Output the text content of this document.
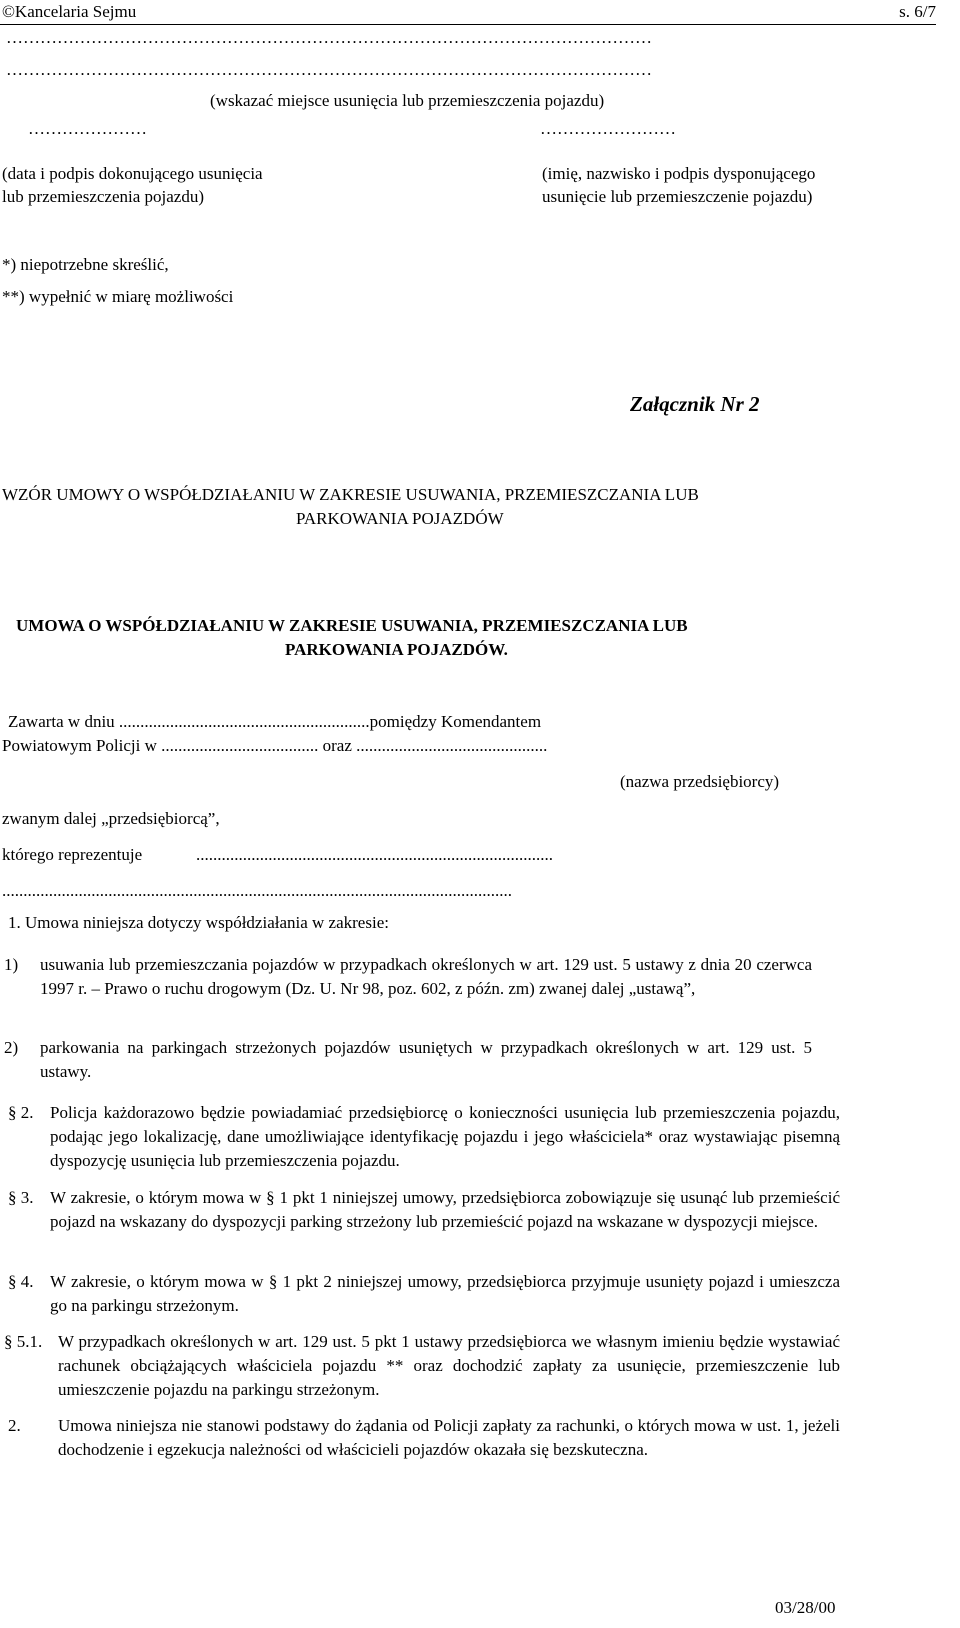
©Kancelaria Sejmu	s. 6/7
……………………………………………………………………………………………………
……………………………………………………………………………………………………
(wskazać miejsce usunięcia lub przemieszczenia pojazdu)
…………………	……………………
(data i podpis dokonującego usunięcia
lub przemieszczenia pojazdu)
(imię, nazwisko i podpis dysponującego
usunięcie lub przemieszczenie pojazdu)
*) niepotrzebne skreślić,
**) wypełnić w miarę możliwości
Załącznik Nr 2
WZÓR UMOWY O WSPÓŁDZIAŁANIU W ZAKRESIE USUWANIA, PRZEMIESZCZANIA LUB
PARKOWANIA POJAZDÓW
UMOWA O WSPÓŁDZIAŁANIU W ZAKRESIE USUWANIA, PRZEMIESZCZANIA LUB
PARKOWANIA POJAZDÓW.
Zawarta w dniu ...........................................................pomiędzy Komendantem
Powiatowym Policji w ..................................... oraz .............................................
(nazwa przedsiębiorcy)
zwanym dalej „przedsiębiorcą”,
którego reprezentuje	....................................................................................
........................................................................................................................
1. Umowa niniejsza dotyczy współdziałania w zakresie:
1) usuwania lub przemieszczania pojazdów w przypadkach określonych w art. 129 ust. 5 ustawy z dnia 20 czerwca 1997 r. – Prawo o ruchu drogowym (Dz. U. Nr 98, poz. 602, z późn. zm) zwanej dalej „ustawą”,
2) parkowania na parkingach strzeżonych pojazdów usuniętych w przypadkach określonych w art. 129 ust. 5 ustawy.
§ 2. Policja każdorazowo będzie powiadamiać przedsiębiorcę o konieczności usunięcia lub przemieszczenia pojazdu, podając jego lokalizację, dane umożliwiające identyfikację pojazdu i jego właściciela* oraz wystawiając pisemną dyspozycję usunięcia lub przemieszczenia pojazdu.
§ 3. W zakresie, o którym mowa w § 1 pkt 1 niniejszej umowy, przedsiębiorca zobowiązuje się usunąć lub przemieścić pojazd na wskazany do dyspozycji parking strzeżony lub przemieścić pojazd na wskazane w dyspozycji miejsce.
§ 4. W zakresie, o którym mowa w § 1 pkt 2 niniejszej umowy, przedsiębiorca przyjmuje usunięty pojazd i umieszcza go na parkingu strzeżonym.
§ 5.1. W przypadkach określonych w art. 129 ust. 5 pkt 1 ustawy przedsiębiorca we własnym imieniu będzie wystawiać rachunek obciążających właściciela pojazdu ** oraz dochodzić zapłaty za usunięcie, przemieszczenie lub umieszczenie pojazdu na parkingu strzeżonym.
2. Umowa niniejsza nie stanowi podstawy do żądania od Policji zapłaty za rachunki, o których mowa w ust. 1, jeżeli dochodzenie i egzekucja należności od właścicieli pojazdów okazała się bezskuteczna.
03/28/00
